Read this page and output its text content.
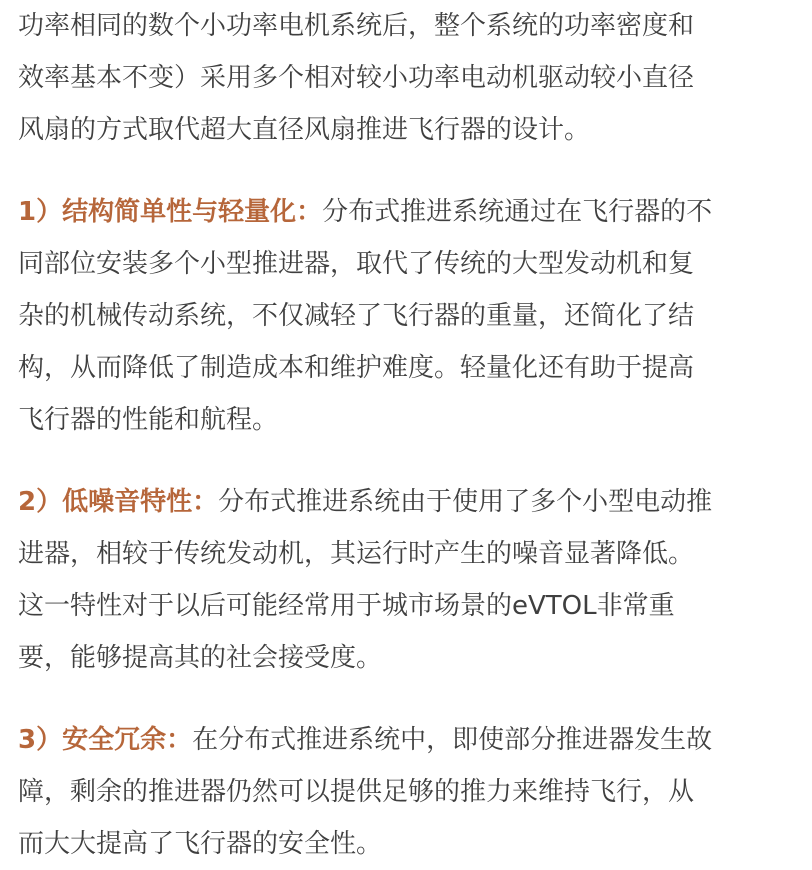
功率相同的数个小功率电机系统后，整个系统的功率密度和
效率基本不变）采用多个相对较小功率电动机驱动较小直径
风扇的方式取代超大直径风扇推进飞行器的设计。

1）结构简单性与轻量化：分布式推进系统通过在飞行器的不
同部位安装多个小型推进器，取代了传统的大型发动机和复
杂的机械传动系统，不仅减轻了飞行器的重量，还简化了结
构，从而降低了制造成本和维护难度。轻量化还有助于提高
飞行器的性能和航程。

2）低噪音特性：分布式推进系统由于使用了多个小型电动推
进器，相较于传统发动机，其运行时产生的噪音显著降低。
这一特性对于以后可能经常用于城市场景的eVTOL非常重
要，能够提高其的社会接受度。

3）安全冗余：在分布式推进系统中，即使部分推进器发生故
障，剩余的推进器仍然可以提供足够的推力来维持飞行，从
而大大提高了飞行器的安全性。
